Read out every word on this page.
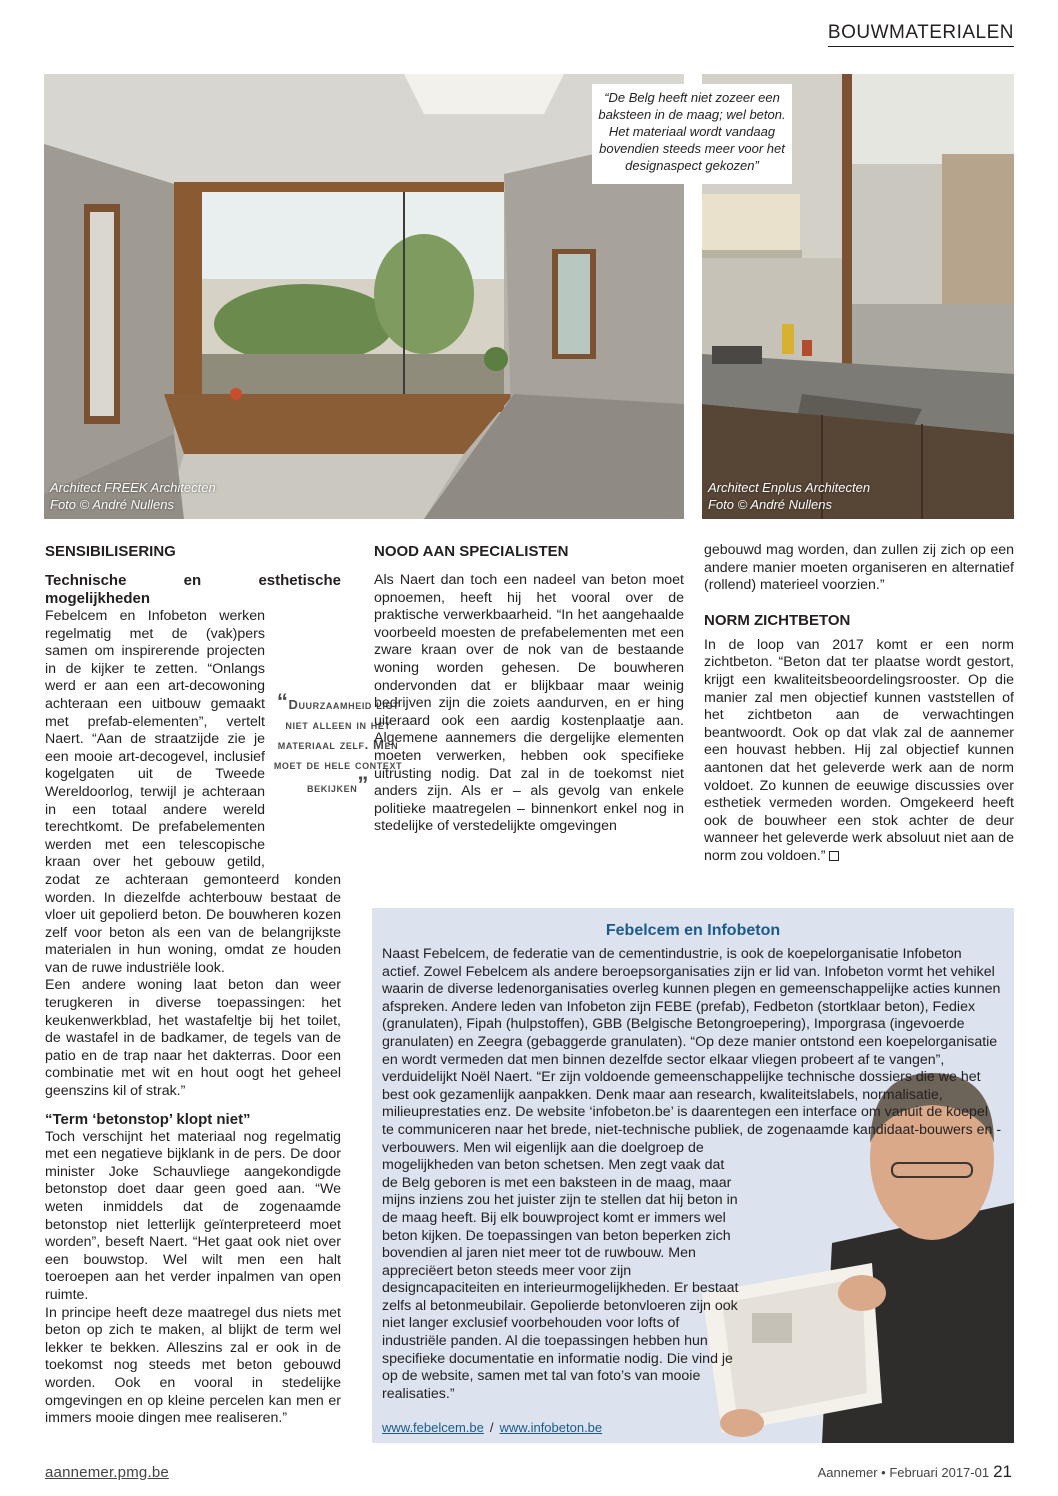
BOUWMATERIALEN
Architect FREEK Architecten
Foto © André Nullens
Architect Enplus Architecten
Foto © André Nullens
“De Belg heeft niet zozeer een baksteen in de maag; wel beton. Het materiaal wordt vandaag bovendien steeds meer voor het designaspect gekozen”
SENSIBILISERING
Technische en esthetische mogelijkheden

Febelcem en Infobeton werken regelmatig met de (vak)pers samen om inspirerende projecten in de kijker te zetten. “Onlangs werd er aan een art-decowoning achteraan een uitbouw gemaakt met prefab-elementen”, vertelt Naert. “Aan de straatzijde zie je een mooie art-decogevel, inclusief kogelgaten uit de Tweede Wereldoorlog, terwijl je achteraan in een totaal andere wereld terechtkomt. De prefabelementen werden met een telescopische kraan over het gebouw getild, zodat ze achteraan gemonteerd konden worden. In diezelfde achterbouw bestaat de vloer uit gepolierd beton. De bouwheren kozen zelf voor beton als een van de belangrijkste materialen in hun woning, omdat ze houden van de ruwe industriële look.

Een andere woning laat beton dan weer terugkeren in diverse toepassingen: het keukenwerkblad, het wastafeltje bij het toilet, de wastafel in de badkamer, de tegels van de patio en de trap naar het dakterras. Door een combinatie met wit en hout oogt het geheel geenszins kil of strak.”

“Term ‘betonstop’ klopt niet”

Toch verschijnt het materiaal nog regelmatig met een negatieve bijklank in de pers. De door minister Joke Schauvliege aangekondigde betonstop doet daar geen goed aan. “We weten inmiddels dat de zogenaamde betonstop niet letterlijk geïnterpreteerd moet worden”, beseft Naert. “Het gaat ook niet over een bouwstop. Wel wilt men een halt toeroepen aan het verder inpalmen van open ruimte.

In principe heeft deze maatregel dus niets met beton op zich te maken, al blijkt de term wel lekker te bekken. Alleszins zal er ook in de toekomst nog steeds met beton gebouwd worden. Ook en vooral in stedelijke omgevingen en op kleine percelen kan men er immers mooie dingen mee realiseren.”

“Duurzaamheid ligt niet alleen in het materiaal zelf. Men moet de hele context bekijken”
NOOD AAN SPECIALISTEN

Als Naert dan toch een nadeel van beton moet opnoemen, heeft hij het vooral over de praktische verwerkbaarheid. “In het aangehaalde voorbeeld moesten de prefabelementen met een zware kraan over de nok van de bestaande woning worden gehesen. De bouwheren ondervonden dat er blijkbaar maar weinig bedrijven zijn die zoiets aandurven, en er hing uiteraard ook een aardig kostenplaatje aan. Algemene aannemers die dergelijke elementen moeten verwerken, hebben ook specifieke uitrusting nodig. Dat zal in de toekomst niet anders zijn. Als er – als gevolg van enkele politieke maatregelen – binnenkort enkel nog in stedelijke of verstedelijkte omgevingen

gebouwd mag worden, dan zullen zij zich op een andere manier moeten organiseren en alternatief (rollend) materieel voorzien.”

NORM ZICHTBETON

In de loop van 2017 komt er een norm zichtbeton. “Beton dat ter plaatse wordt gestort, krijgt een kwaliteitsbeoordelingsrooster. Op die manier zal men objectief kunnen vaststellen of het zichtbeton aan de verwachtingen beantwoordt. Ook op dat vlak zal de aannemer een houvast hebben. Hij zal objectief kunnen aantonen dat het geleverde werk aan de norm voldoet. Zo kunnen de eeuwige discussies over esthetiek vermeden worden. Omgekeerd heeft ook de bouwheer een stok achter de deur wanneer het geleverde werk absoluut niet aan de norm zou voldoen.”

Febelcem en Infobeton

Naast Febelcem, de federatie van de cementindustrie, is ook de koepelorganisatie Infobeton actief. Zowel Febelcem als andere beroepsorganisaties zijn er lid van. Infobeton vormt het vehikel waarin de diverse ledenorganisaties overleg kunnen plegen en gemeenschappelijke acties kunnen afspreken. Andere leden van Infobeton zijn FEBE (prefab), Fedbeton (stortklaar beton), Fediex (granulaten), Fipah (hulpstoffen), GBB (Belgische Betongroepering), Imporgrasa (ingevoerde granulaten) en Zeegra (gebaggerde granulaten). “Op deze manier ontstond een koepelorganisatie en wordt vermeden dat men binnen dezelfde sector elkaar vliegen probeert af te vangen”, verduidelijkt Noël Naert. “Er zijn voldoende gemeenschappelijke technische dossiers die we het best ook gezamenlijk aanpakken. Denk maar aan research, kwaliteitslabels, normalisatie, milieuprestaties enz. De website ‘infobeton.be’ is daarentegen een interface om vanuit de koepel te communiceren naar het brede, niet-technische publiek, de zogenaamde kandidaat-bouwers en -verbouwers. Men wil eigenlijk aan die doelgroep de mogelijkheden van beton schetsen. Men zegt vaak dat de Belg geboren is met een baksteen in de maag, maar mijns inziens zou het juister zijn te stellen dat hij beton in de maag heeft. Bij elk bouwproject komt er immers wel beton kijken. De toepassingen van beton beperken zich bovendien al jaren niet meer tot de ruwbouw. Men appreciëert beton steeds meer voor zijn designcapaciteiten en interieurmogelijkheden. Er bestaat zelfs al betonmeubilair. Gepolierde betonvloeren zijn ook niet langer exclusief voorbehouden voor lofts of industriële panden. Al die toepassingen hebben hun specifieke documentatie en informatie nodig. Die vind je op de website, samen met tal van foto’s van mooie realisaties.”

www.febelcem.be / www.infobeton.be
aannemer.pmg.be	Aannemer • Februari 2017-01 21
